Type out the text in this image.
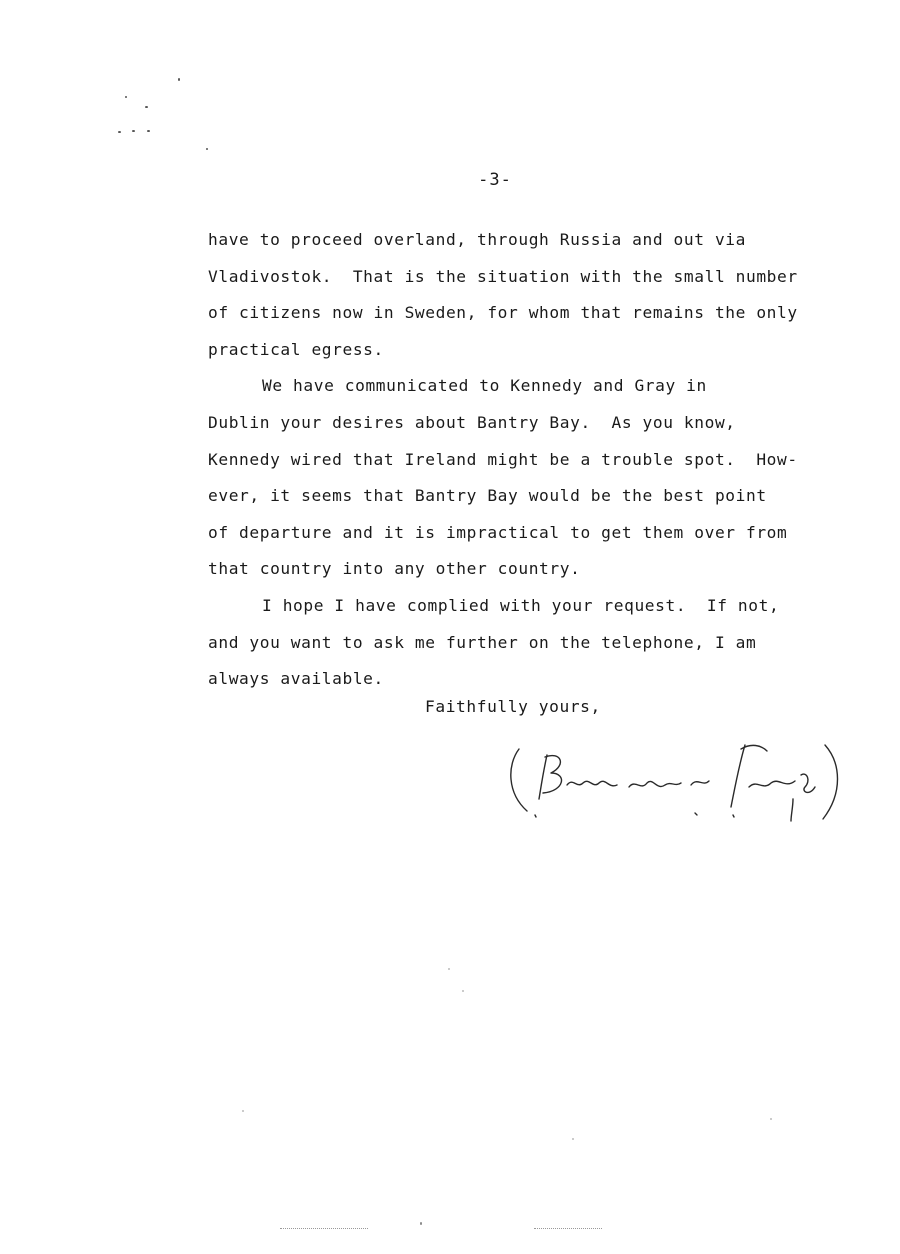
-3-
have to proceed overland, through Russia and out via
Vladivostok.  That is the situation with the small number
of citizens now in Sweden, for whom that remains the only
practical egress.
We have communicated to Kennedy and Gray in
Dublin your desires about Bantry Bay.  As you know,
Kennedy wired that Ireland might be a trouble spot.  How-
ever, it seems that Bantry Bay would be the best point
of departure and it is impractical to get them over from
that country into any other country.
I hope I have complied with your request.  If not,
and you want to ask me further on the telephone, I am
always available.
Faithfully yours,
